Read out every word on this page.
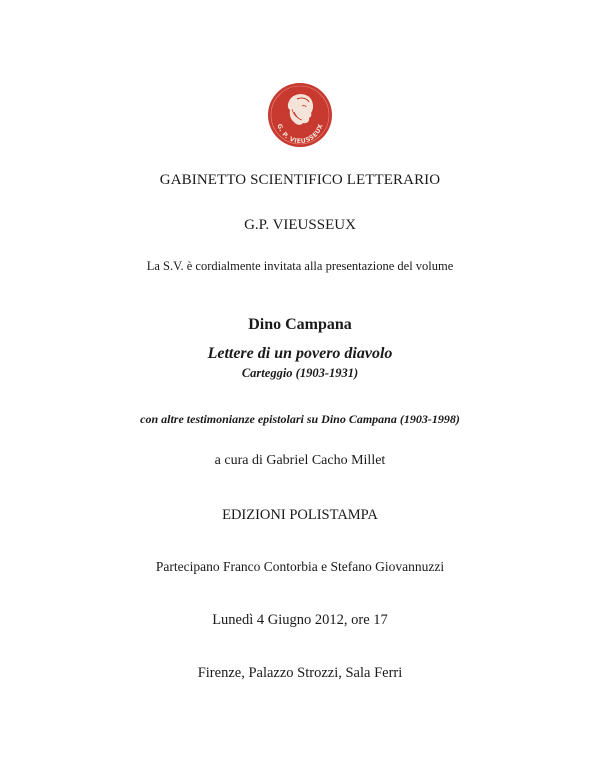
G. P. VIEUSSEUX
GABINETTO SCIENTIFICO LETTERARIO
G.P. VIEUSSEUX
La S.V. è cordialmente invitata alla presentazione del volume
Dino Campana
Lettere di un povero diavolo
Carteggio (1903-1931)
con altre testimonianze epistolari su Dino Campana (1903-1998)
a cura di Gabriel Cacho Millet
EDIZIONI POLISTAMPA
Partecipano Franco Contorbia e Stefano Giovannuzzi
Lunedì 4 Giugno 2012, ore 17
Firenze, Palazzo Strozzi, Sala Ferri
